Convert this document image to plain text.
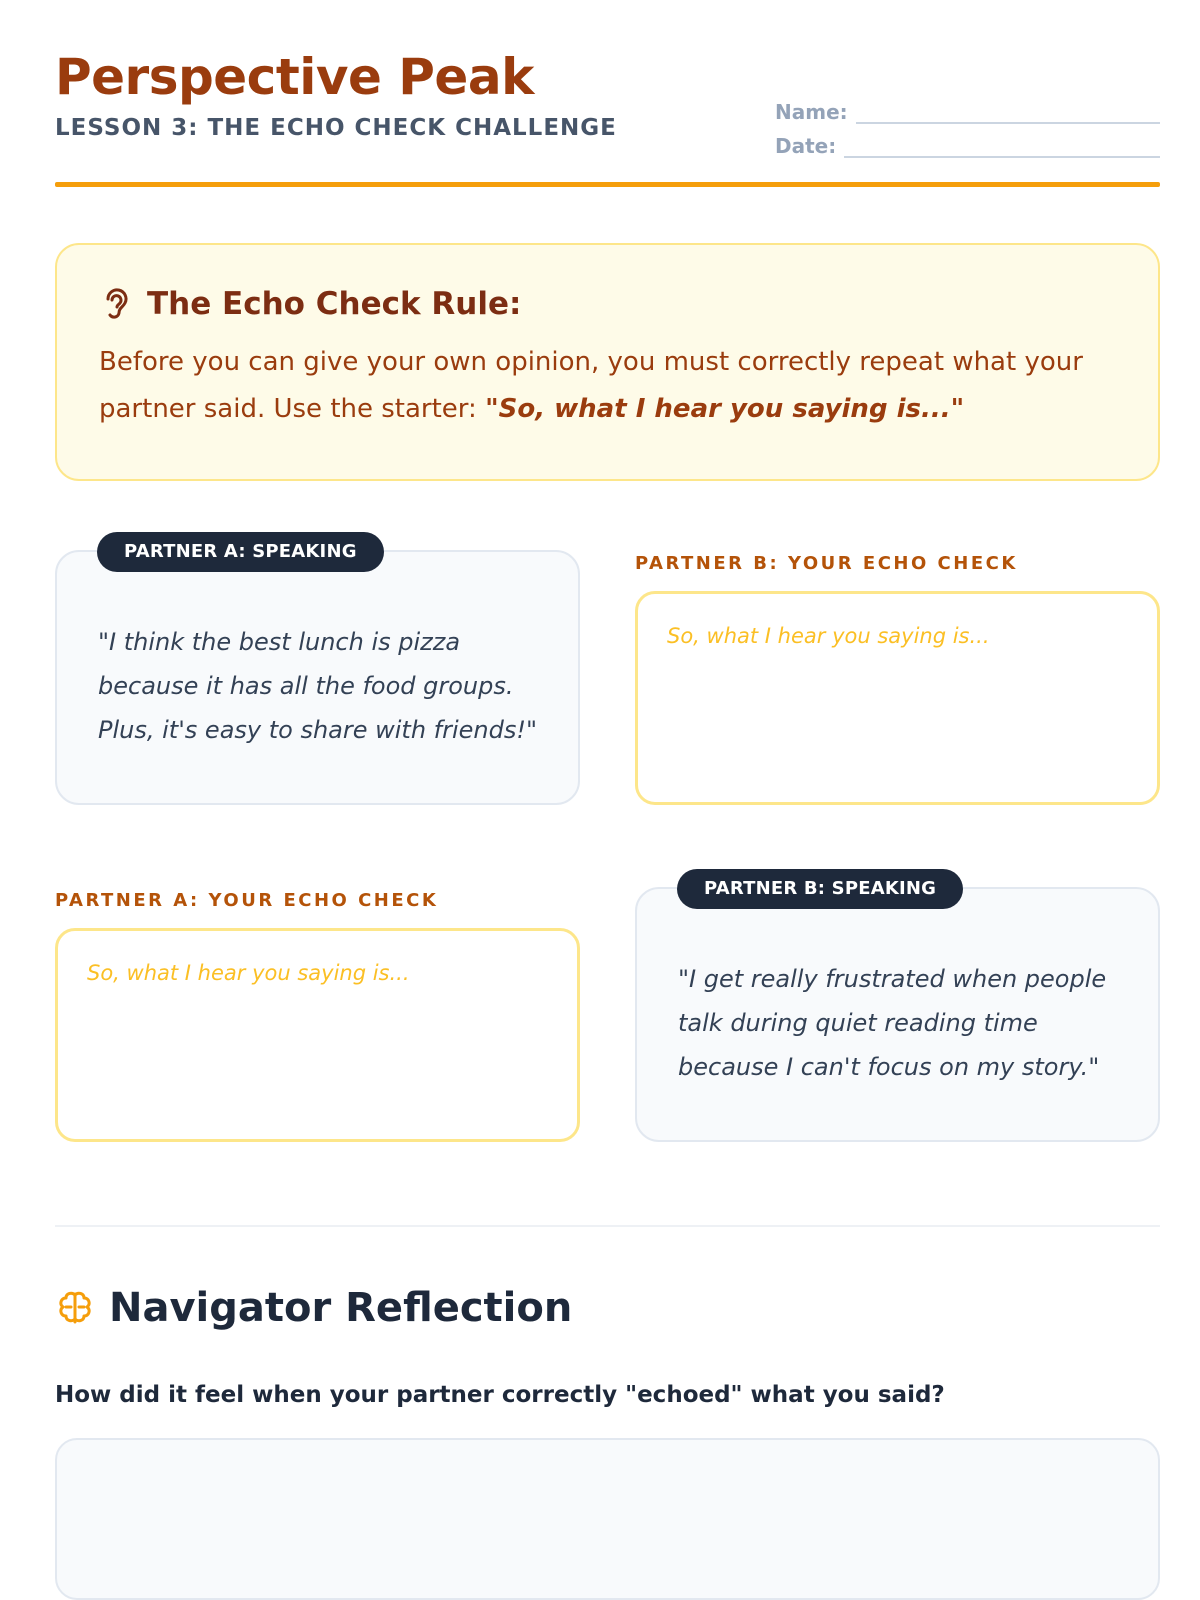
Perspective Peak
LESSON 3: THE ECHO CHECK CHALLENGE
Name:
Date:
The Echo Check Rule:
Before you can give your own opinion, you must correctly repeat what your partner said. Use the starter: "So, what I hear you saying is..."
"I think the best lunch is pizza because it has all the food groups. Plus, it's easy to share with friends!"
PARTNER A: SPEAKING
PARTNER B: YOUR ECHO CHECK
So, what I hear you saying is...
PARTNER A: YOUR ECHO CHECK
So, what I hear you saying is...	"I get really frustrated when people talk during quiet reading time because I can't focus on my story."
PARTNER B: SPEAKING
Navigator Reflection
How did it feel when your partner correctly "echoed" what you said?
